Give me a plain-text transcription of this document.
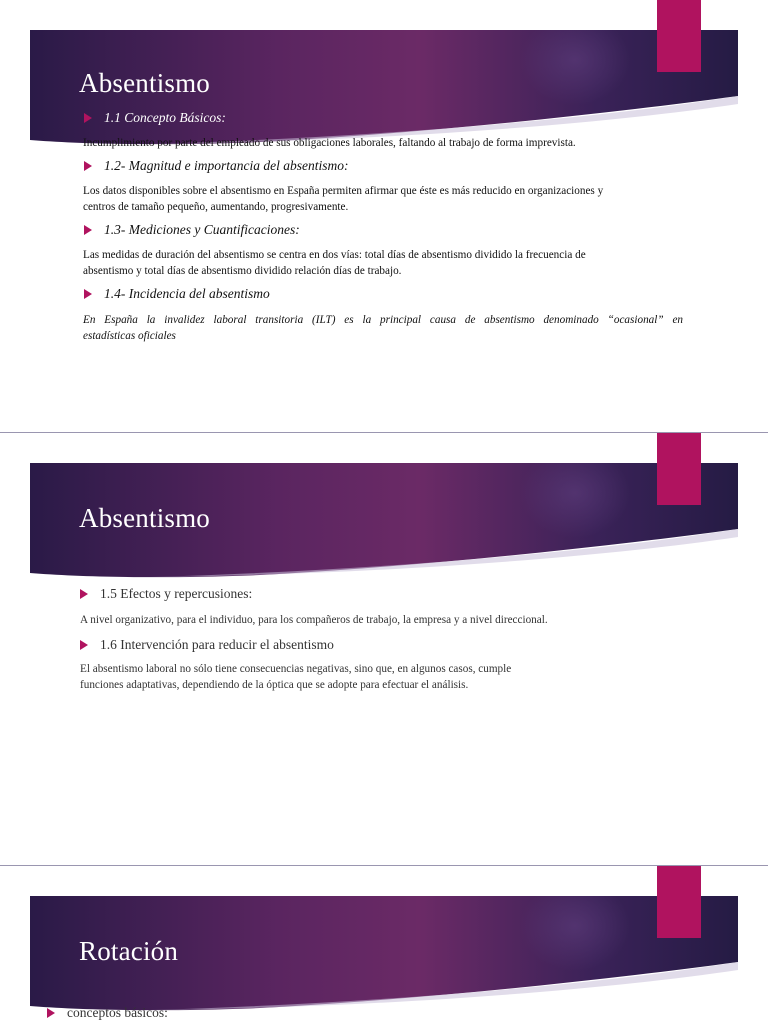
Absentismo
1.1 Concepto Básicos:
Incumplimiento por parte del empleado de sus obligaciones laborales, faltando al trabajo de forma imprevista.
1.2- Magnitud e importancia del absentismo:
Los datos disponibles sobre el absentismo en España permiten afirmar que éste es más reducido en organizaciones y
centros de tamaño pequeño, aumentando, progresivamente.
1.3- Mediciones y Cuantificaciones:
Las medidas de duración del absentismo se centra en dos vías: total días de absentismo dividido la frecuencia de
absentismo y total días de absentismo dividido relación días de trabajo.
1.4- Incidencia del absentismo
En España la invalidez laboral transitoria (ILT) es la principal causa de absentismo denominado “ocasional” en
estadísticas oficiales
Absentismo
1.5 Efectos y repercusiones:
A nivel organizativo, para el individuo, para los compañeros de trabajo, la empresa y a nivel direccional.
1.6 Intervención para reducir el absentismo
El absentismo laboral no sólo tiene consecuencias negativas, sino que, en algunos casos, cumple
funciones adaptativas, dependiendo de la óptica que se adopte para efectuar el análisis.
Rotación
conceptos básicos:
